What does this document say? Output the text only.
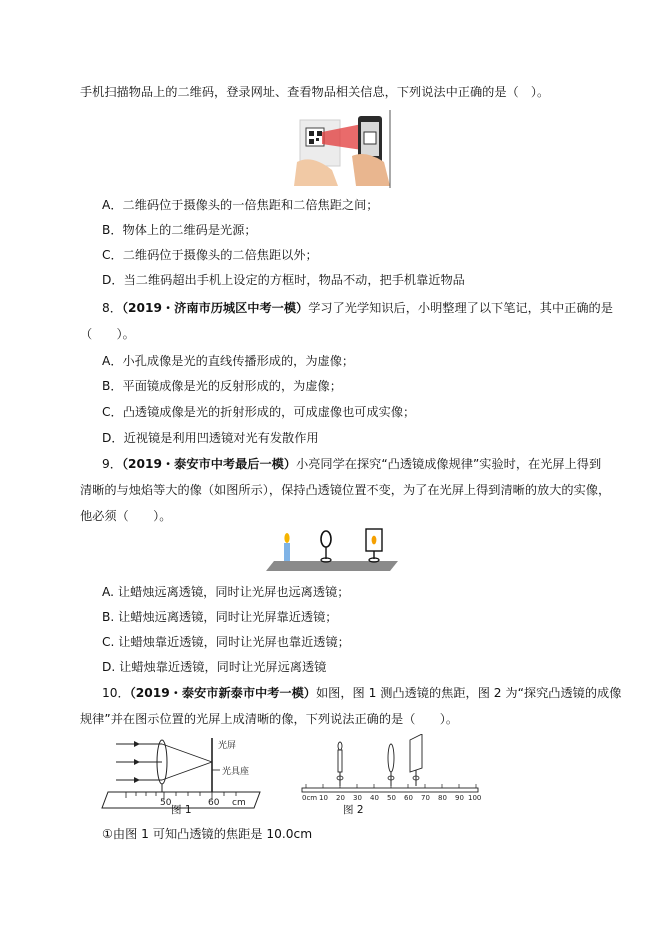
手机扫描物品上的二维码，登录网址、查看物品相关信息，下列说法中正确的是（　）。
A．二维码位于摄像头的一倍焦距和二倍焦距之间；
B．物体上的二维码是光源；
C．二维码位于摄像头的二倍焦距以外；
D．当二维码超出手机上设定的方框时，物品不动，把手机靠近物品
8．（2019・济南市历城区中考一模）学习了光学知识后，小明整理了以下笔记，其中正确的是
（　　）。
A．小孔成像是光的直线传播形成的，为虚像；
B．平面镜成像是光的反射形成的，为虚像；
C．凸透镜成像是光的折射形成的，可成虚像也可成实像；
D．近视镜是利用凹透镜对光有发散作用
9．（2019・泰安市中考最后一模）小亮同学在探究“凸透镜成像规律”实验时，在光屏上得到
清晰的与烛焰等大的像（如图所示），保持凸透镜位置不变，为了在光屏上得到清晰的放大的实像，
他必须（　　）。
A. 让蜡烛远离透镜，同时让光屏也远离透镜；
B. 让蜡烛远离透镜，同时让光屏靠近透镜；
C. 让蜡烛靠近透镜，同时让光屏也靠近透镜；
D. 让蜡烛靠近透镜，同时让光屏远离透镜
10．（2019・泰安市新泰市中考一模）如图，图 1 测凸透镜的焦距，图 2 为“探究凸透镜的成像
规律”并在图示位置的光屏上成清晰的像，下列说法正确的是（　　）。
光屏
光具座
50	60 cm
图 1
0cm 10 20 30 40 50 60 70 80 90 100
图 2
①由图 1 可知凸透镜的焦距是 10.0cm
